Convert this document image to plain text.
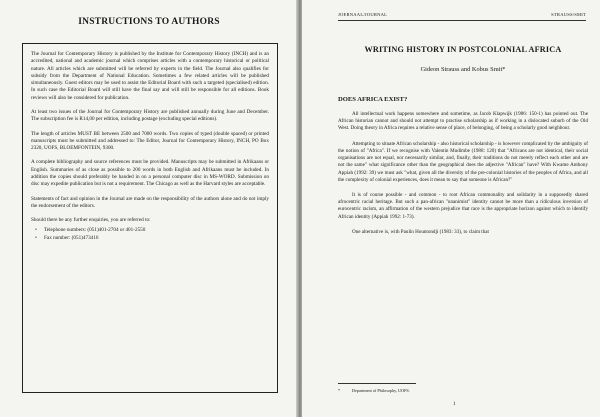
INSTRUCTIONS TO AUTHORS

The Journal for Contemporary History is published by the Institute for Contemporary History (INCH) and is an accredited, national and academic journal which comprises articles with a contemporary historical or political nature. All articles which are submitted will be referred by experts in the field. The Journal also qualifies for subsidy from the Department of National Education. Sometimes a few related articles will be published simultaneously. Guest editors may be used to assist the Editorial Board with such a targeted (specialised) edition. In such case the Editorial Board will still have the final say and will still be responsible for all editions. Book reviews will also be considered for publication.

At least two issues of the Journal for Contemporary History are published annually during June and December. The subscription fee is R14,00 per edition, including postage (excluding special editions).

The length of articles MUST BE between 2500 and 7000 words. Two copies of typed (double spaced) or printed manuscripts must be submitted and addressed to: The Editor, Journal for Contemporary History, INCH, PO Box 2320, UOFS, BLOEMFONTEIN, 9300.

A complete bibliography and source references must be provided. Manuscripts may be submitted in Afrikaans or English. Summaries of as close as possible to 200 words in both English and Afrikaans must be included. In addition the copies should preferably be handed in on a personal computer disc in MS-WORD. Submission on disc may expedite publication but is not a requirement. The Chicago as well as the Harvard styles are acceptable.

Statements of fact and opinion in the Journal are made on the responsibility of the authors alone and do not imply the endorsement of the editors.

Should there be any further enquiries, you are referred to:

• Telephone numbers: (051)401-2704 or 401-2550
• Fax number: (051)473416
JOERNAAL/JOURNAL	STRAUSS/SMIT
WRITING HISTORY IN POSTCOLONIAL AFRICA
Gideon Strauss and Kobus Smit*
DOES AFRICA EXIST?

All intellectual work happens somewhere and sometime, as Jacob Klapwijk (1986: 150-1) has pointed out. The African historian cannot and should not attempt to practise scholarship as if working in a dislocated suburb of the Old West. Doing theory in Africa requires a relative sense of place, of belonging, of being a scholarly good neighbour.

Attempting to situate African scholarship - also historical scholarship - is however complicated by the ambiguity of the notion of "Africa". If we recognise with Valentin Mudimbe (1988: 120) that "Africans are not identical, their social organisations are not equal, nor necessarily similar, and, finally, their traditions do not merely reflect each other and are not the same" what significance other than the geographical does the adjective "African" have? With Kwame Anthony Appiah (1992: 39) we must ask "what, given all the diversity of the pre-colonial histories of the peoples of Africa, and all the complexity of colonial experiences, does it mean to say that someone is African?"

It is of course possible - and common - to root African commonality and solidarity in a supposedly shared afrocentric racial heritage. But such a pan-african "unanimist" identity cannot be more than a ridiculous inversion of eurocentric racism, an affirmation of the western prejudice that race is the appropriate horizon against which to identify African identity (Appiah 1992: 1-73).

One alternative is, with Paulin Hountondji (1983: 33), to claim that

*	Department of Philosophy, UOFS.
1
